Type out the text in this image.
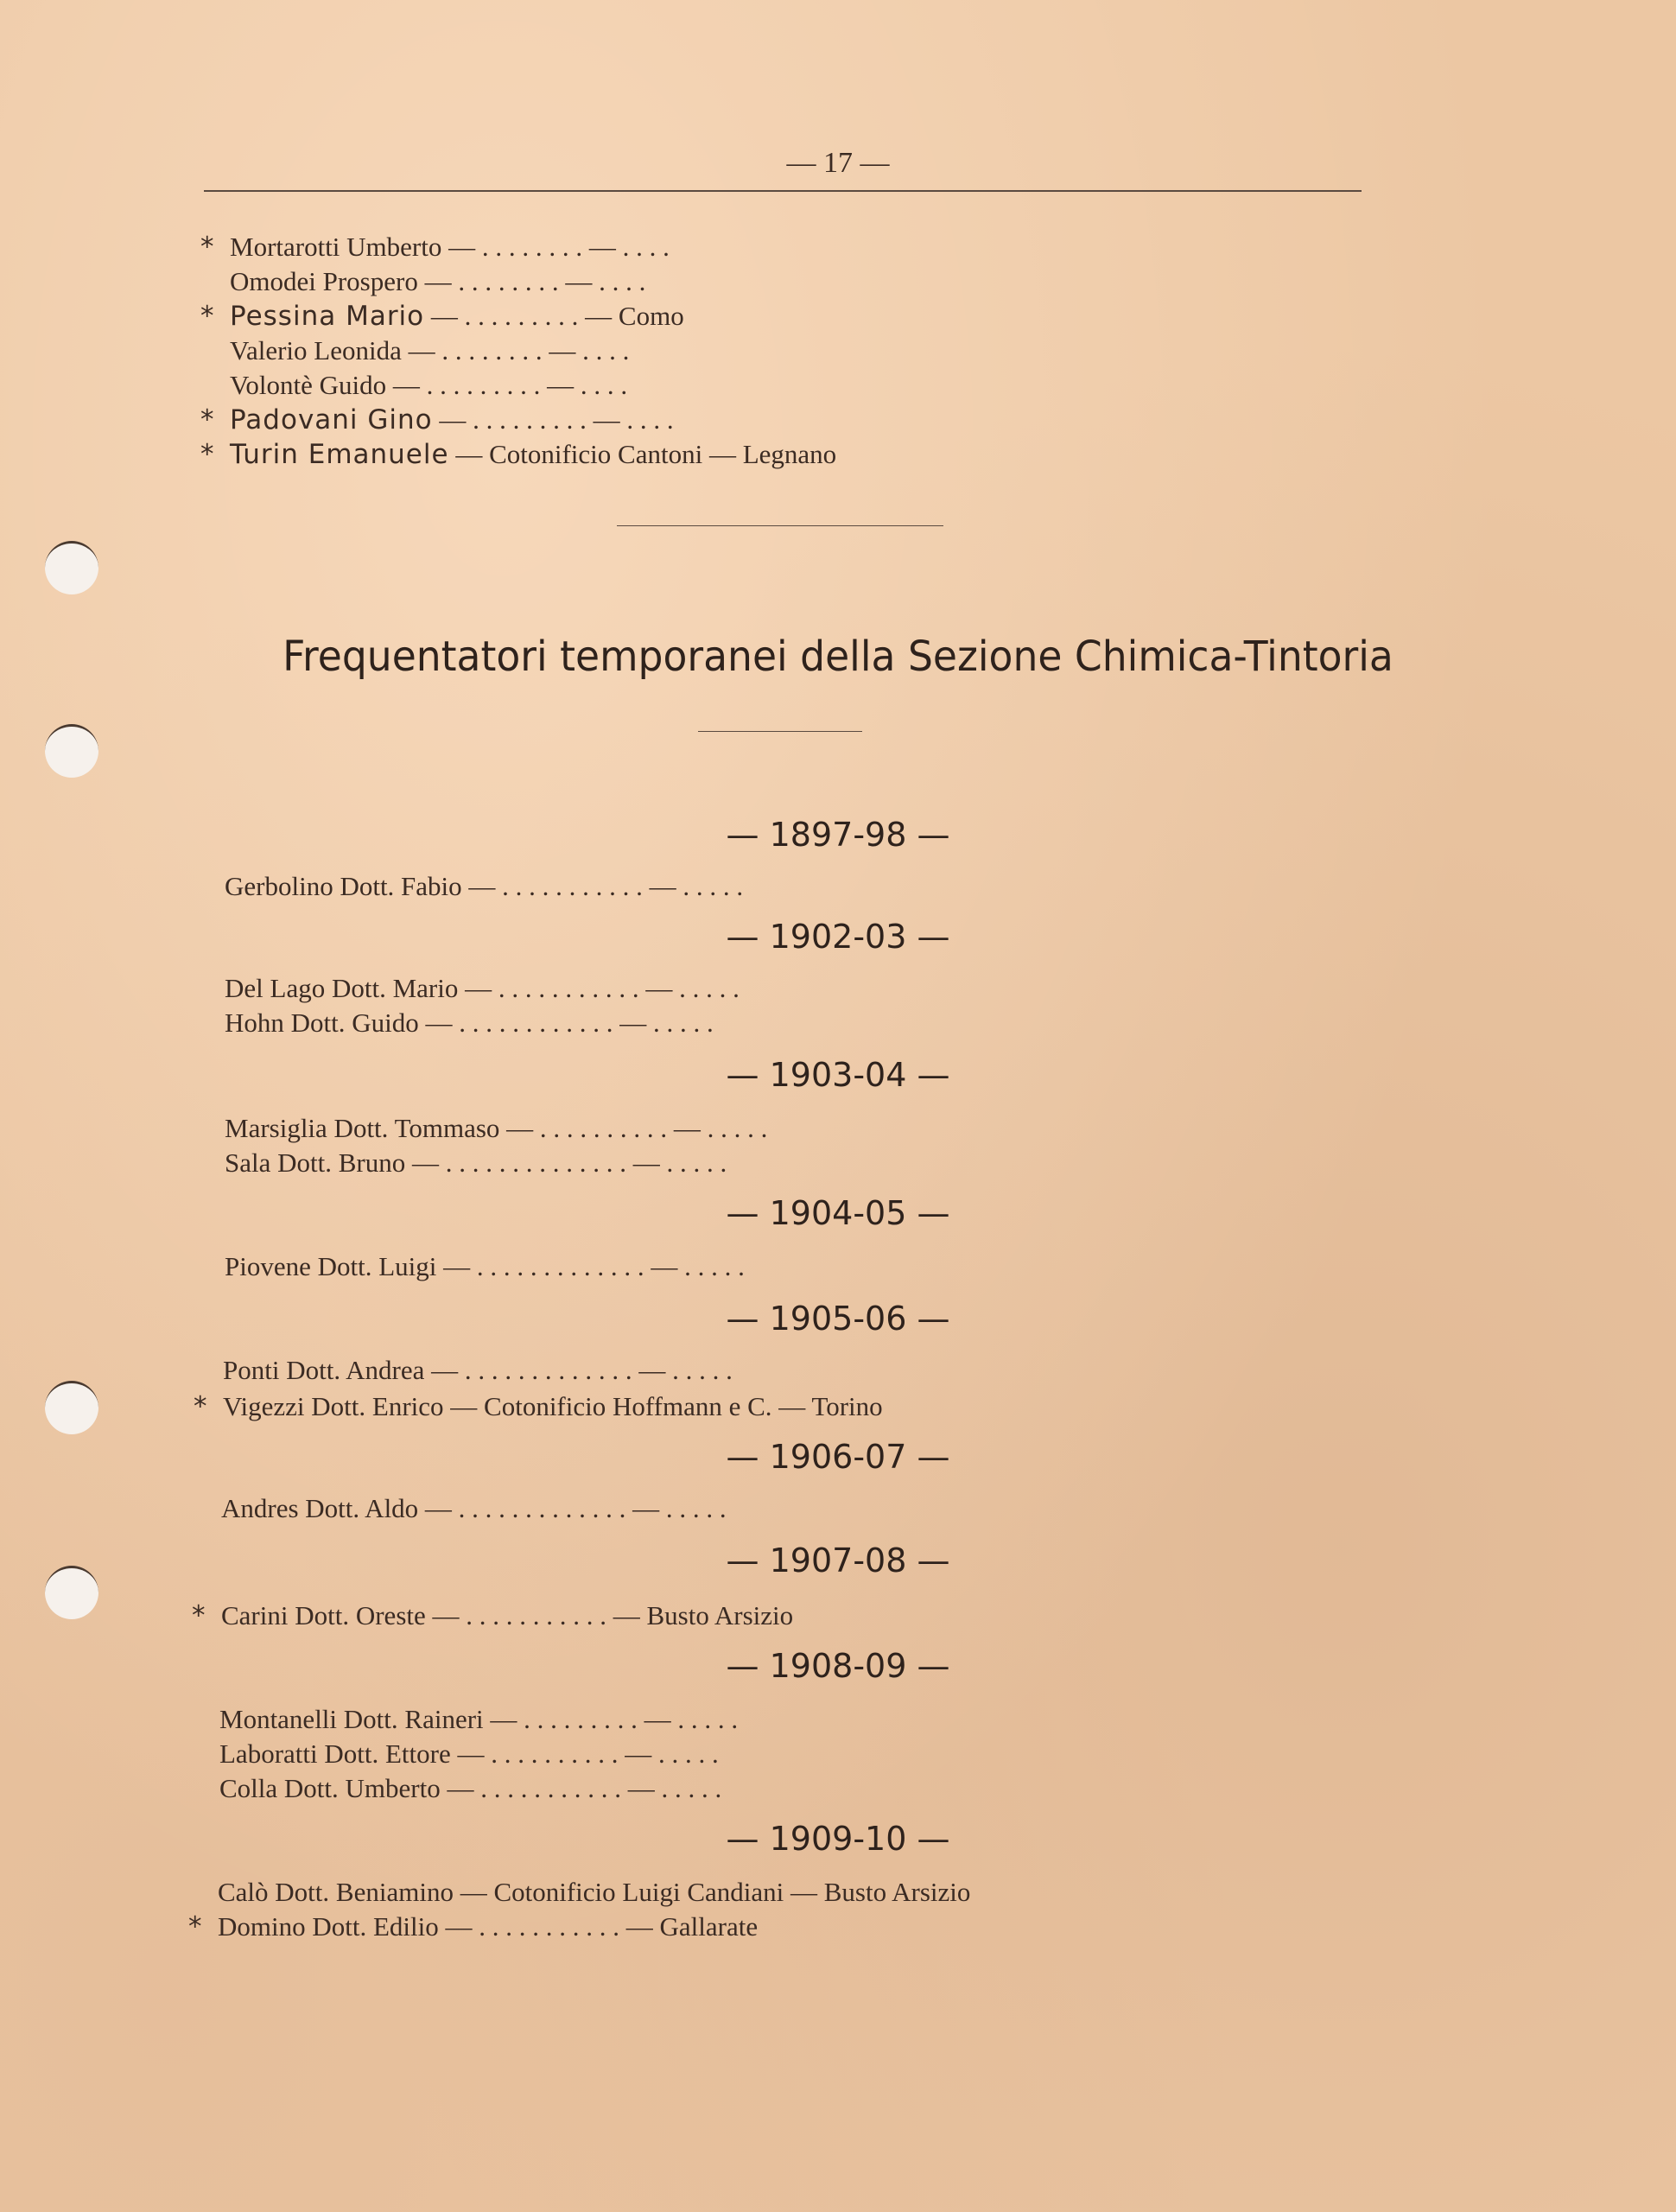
— 17 —
* Mortarotti Umberto — . . . . . . . . — . . . .
Omodei Prospero — . . . . . . . . — . . . .
* Pessina Mario — . . . . . . . . . — Como
Valerio Leonida — . . . . . . . . — . . . .
Volontè Guido — . . . . . . . . . — . . . .
* Padovani Gino — . . . . . . . . . — . . . .
* Turin Emanuele — Cotonificio Cantoni — Legnano
Frequentatori temporanei della Sezione Chimica-Tintoria
— 1897-98 —
Gerbolino Dott. Fabio — . . . . . . . . . . . — . . . . .
— 1902-03 —
Del Lago Dott. Mario — . . . . . . . . . . . — . . . . .
Hohn Dott. Guido — . . . . . . . . . . . . — . . . . .
— 1903-04 —
Marsiglia Dott. Tommaso — . . . . . . . . . . — . . . . .
Sala Dott. Bruno — . . . . . . . . . . . . . . — . . . . .
— 1904-05 —
Piovene Dott. Luigi — . . . . . . . . . . . . . — . . . . .
— 1905-06 —
Ponti Dott. Andrea — . . . . . . . . . . . . . — . . . . .
* Vigezzi Dott. Enrico — Cotonificio Hoffmann e C. — Torino
— 1906-07 —
Andres Dott. Aldo — . . . . . . . . . . . . . — . . . . .
— 1907-08 —
* Carini Dott. Oreste — . . . . . . . . . . . — Busto Arsizio
— 1908-09 —
Montanelli Dott. Raineri — . . . . . . . . . — . . . . .
Laboratti Dott. Ettore — . . . . . . . . . . — . . . . .
Colla Dott. Umberto — . . . . . . . . . . . — . . . . .
— 1909-10 —
Calò Dott. Beniamino — Cotonificio Luigi Candiani — Busto Arsizio
* Domino Dott. Edilio — . . . . . . . . . . . — Gallarate
